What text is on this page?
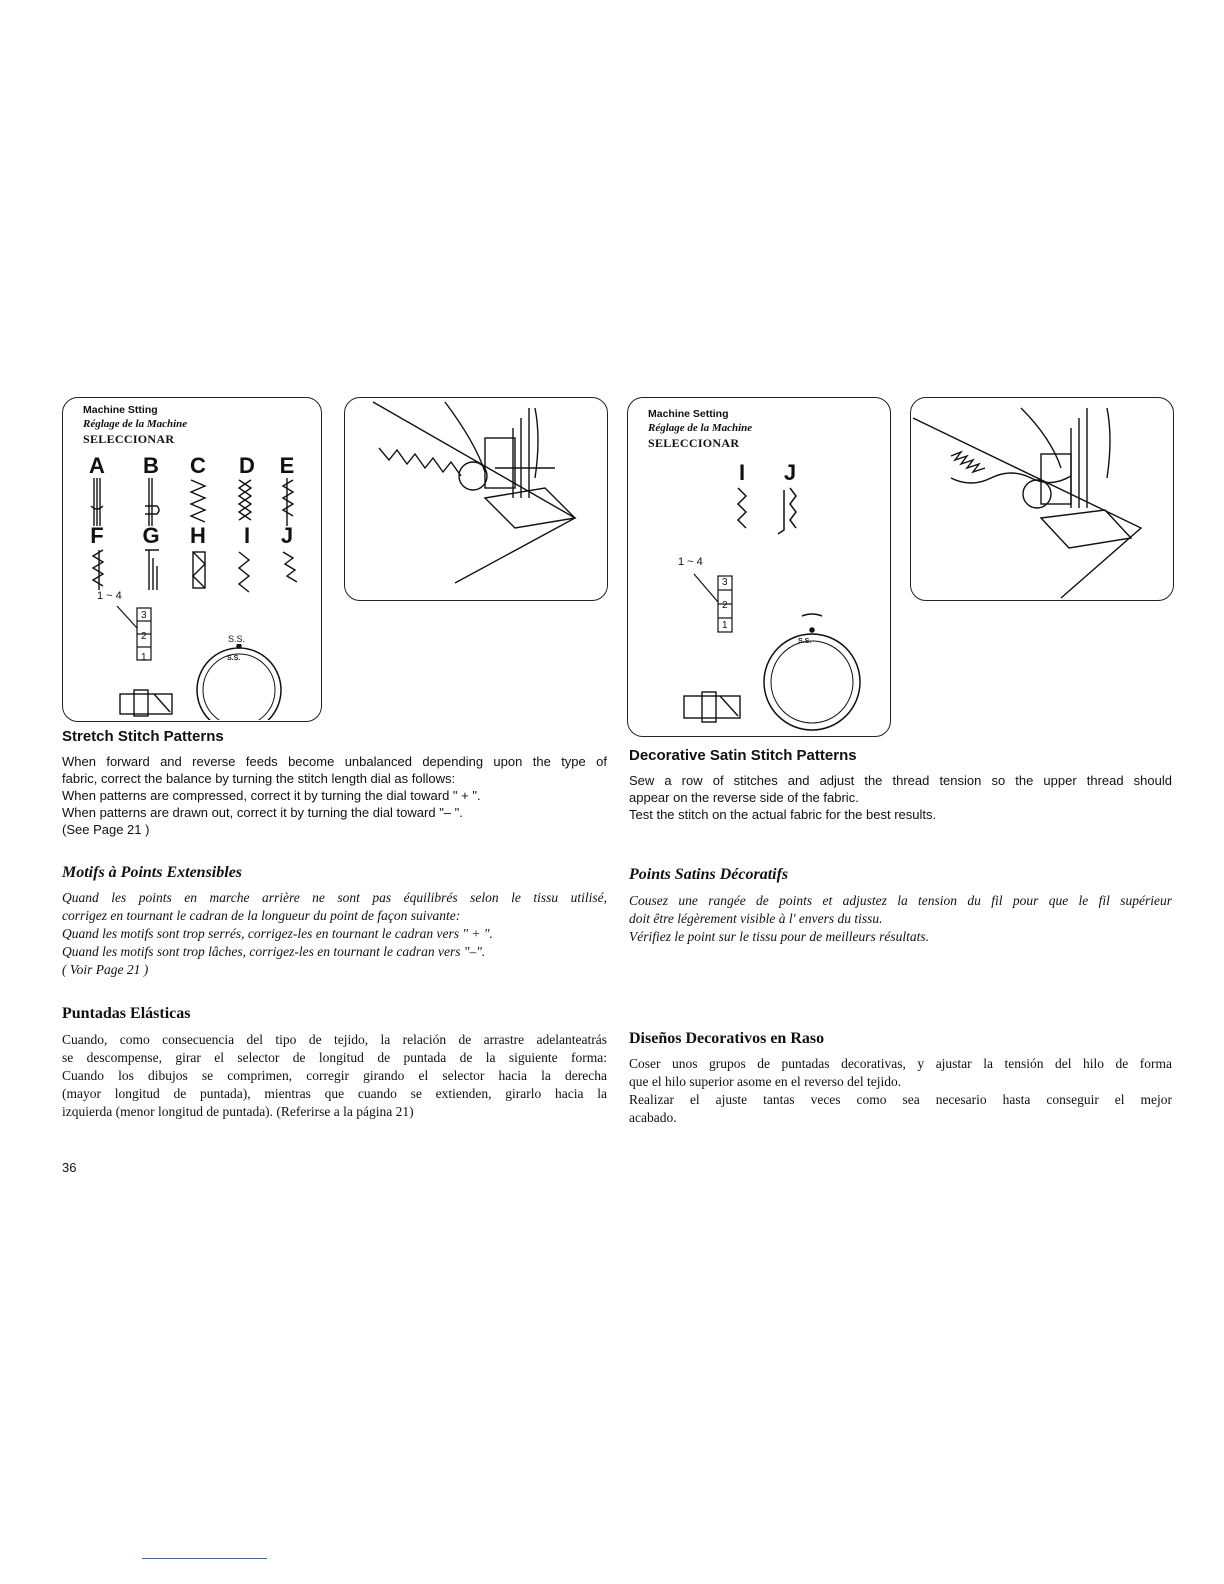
Machine Stting
Réglage de la Machine
SELECCIONAR
A B C D E
F G H	I	J
1 ~ 4
3
2
1
S.S.
S.S.
Machine Setting
Réglage de la Machine
SELECCIONAR
I	J
1 ~ 4
3
2
1
S.S.
Stretch Stitch Patterns
When forward and reverse feeds become unbalanced depending upon the type of
fabric, correct the balance by turning the stitch length dial as follows:
When patterns are compressed, correct it by turning the dial toward " + ".
When patterns are drawn out, correct it by turning the dial toward "– ".
(See Page 21 )
Motifs à Points Extensibles
Quand les points en marche arrière ne sont pas équilibrés selon le tissu utilisé,
corrigez en tournant le cadran de la longueur du point de façon suivante:
Quand les motifs sont trop serrés, corrigez-les en tournant le cadran vers " + ".
Quand les motifs sont trop lâches, corrigez-les en tournant le cadran vers "–".
( Voir Page 21 )
Puntadas Elásticas
Cuando, como consecuencia del tipo de tejido, la relación de arrastre adelanteatrás
se descompense, girar el selector de longitud de puntada de la siguiente forma:
Cuando los dibujos se comprimen, corregir girando el selector hacia la derecha
(mayor longitud de puntada), mientras que cuando se extienden, girarlo hacia la
izquierda (menor longitud de puntada). (Referirse a la página 21)
36
Decorative Satin Stitch Patterns
Sew a row of stitches and adjust the thread tension so the upper thread should
appear on the reverse side of the fabric.
Test the stitch on the actual fabric for the best results.
Points Satins Décoratifs
Cousez une rangée de points et adjustez la tension du fil pour que le fil supérieur
doit être légèrement visible à l' envers du tissu.
Vérifiez le point sur le tissu pour de meilleurs résultats.
Diseños Decorativos en Raso
Coser unos grupos de puntadas decorativas, y ajustar la tensión del hilo de forma
que el hilo superior asome en el reverso del tejido.
Realizar el ajuste tantas veces como sea necesario hasta conseguir el mejor
acabado.
